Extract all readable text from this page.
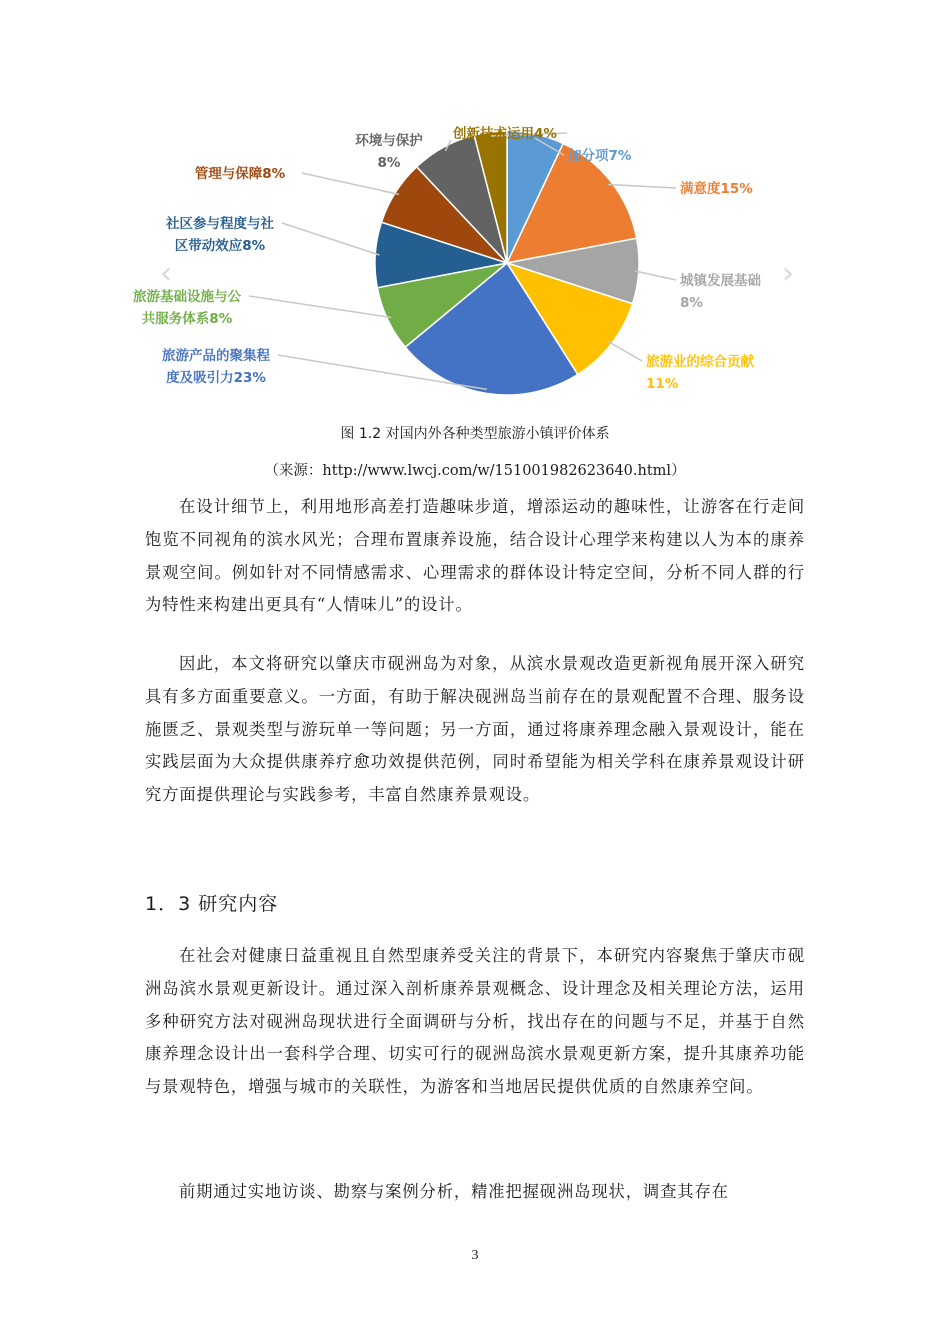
‹	›
加分项7%
满意度15%
城镇发展基础 8%
旅游业的综合贡献 11%
旅游产品的聚集程度及吸引力23%
旅游基础设施与公共服务体系8%
社区参与程度与社区带动效应8%
管理与保障8%
环境与保护 8%
创新技术运用4%
图 1.2 对国内外各种类型旅游小镇评价体系
（来源：http://www.lwcj.com/w/151001982623640.html）

在设计细节上，利用地形高差打造趣味步道，增添运动的趣味性，让游客在行走间饱览不同视角的滨水风光；合理布置康养设施，结合设计心理学来构建以人为本的康养景观空间。例如针对不同情感需求、心理需求的群体设计特定空间，分析不同人群的行为特性来构建出更具有“人情味儿”的设计。

因此，本文将研究以肇庆市砚洲岛为对象，从滨水景观改造更新视角展开深入研究具有多方面重要意义。一方面，有助于解决砚洲岛当前存在的景观配置不合理、服务设施匮乏、景观类型与游玩单一等问题；另一方面，通过将康养理念融入景观设计，能在实践层面为大众提供康养疗愈功效提供范例，同时希望能为相关学科在康养景观设计研究方面提供理论与实践参考，丰富自然康养景观设。

1．3 研究内容

在社会对健康日益重视且自然型康养受关注的背景下，本研究内容聚焦于肇庆市砚洲岛滨水景观更新设计。通过深入剖析康养景观概念、设计理念及相关理论方法，运用多种研究方法对砚洲岛现状进行全面调研与分析，找出存在的问题与不足，并基于自然康养理念设计出一套科学合理、切实可行的砚洲岛滨水景观更新方案，提升其康养功能与景观特色，增强与城市的关联性，为游客和当地居民提供优质的自然康养空间。

前期通过实地访谈、勘察与案例分析，精准把握砚洲岛现状，调查其存在

3
